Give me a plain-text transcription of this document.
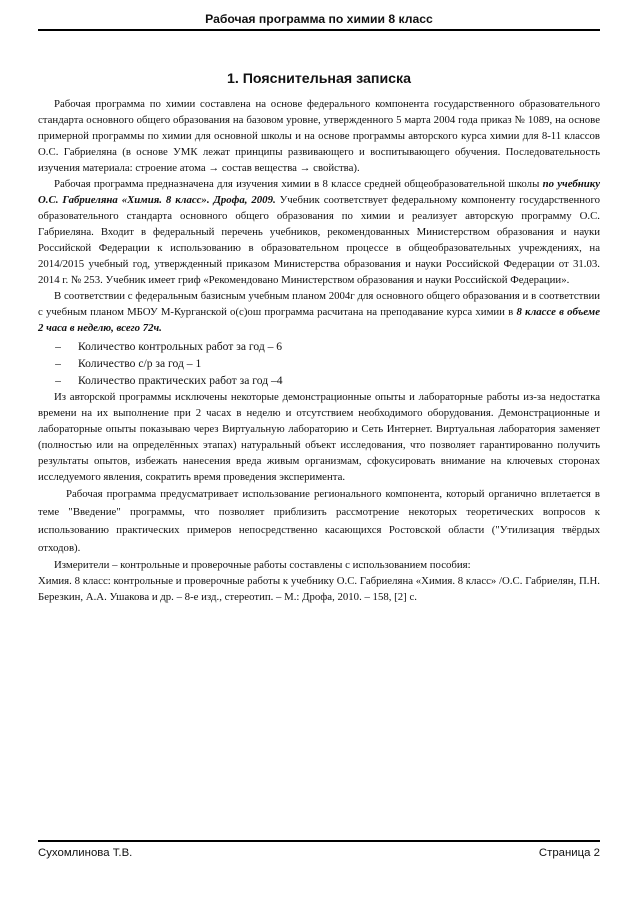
Рабочая программа по химии 8 класс
1. Пояснительная записка

Рабочая программа по химии составлена на основе федерального компонента государственного образовательного стандарта основного общего образования на базовом уровне, утвержденного 5 марта 2004 года приказ № 1089, на основе примерной программы по химии для основной школы и на основе программы авторского курса химии для 8-11 классов О.С. Габриеляна (в основе УМК лежат принципы развивающего и воспитывающего обучения. Последовательность изучения материала: строение атома → состав вещества → свойства).

Рабочая программа предназначена для изучения химии в 8 классе средней общеобразовательной школы по учебнику О.С. Габриеляна «Химия. 8 класс». Дрофа, 2009. Учебник соответствует федеральному компоненту государственного образовательного стандарта основного общего образования по химии и реализует авторскую программу О.С. Габриеляна. Входит в федеральный перечень учебников, рекомендованных Министерством образования и науки Российской Федерации к использованию в образовательном процессе в общеобразовательных учреждениях, на 2014/2015 учебный год, утвержденный приказом Министерства образования и науки Российской Федерации от 31.03. 2014 г. № 253. Учебник имеет гриф «Рекомендовано Министерством образования и науки Российской Федерации».

В соответствии с федеральным базисным учебным планом 2004г для основного общего образования и в соответствии с учебным планом МБОУ М-Курганской о(с)ош программа расчитана на преподавание курса химии в 8 классе в объеме 2 часа в неделю, всего 72ч.

–	Количество контрольных работ за год – 6
–	Количество с/р за год – 1
–	Количество практических работ за год –4

Из авторской программы исключены некоторые демонстрационные опыты и лабораторные работы из-за недостатка времени на их выполнение при 2 часах в неделю и отсутствием необходимого оборудования. Демонстрационные и лабораторные опыты показываю через Виртуальную лабораторию и Сеть Интернет. Виртуальная лаборатория заменяет (полностью или на определённых этапах) натуральный объект исследования, что позволяет гарантированно получить результаты опытов, избежать нанесения вреда живым организмам, сфокусировать внимание на ключевых сторонах исследуемого явления, сократить время проведения эксперимента.

Рабочая программа предусматривает использование регионального компонента, который органично вплетается в теме "Введение" программы, что позволяет приблизить рассмотрение некоторых теоретических вопросов к использованию практических примеров непосредственно касающихся Ростовской области ("Утилизация твёрдых отходов).

Измерители – контрольные и проверочные работы составлены с использованием пособия:

Химия. 8 класс: контрольные и проверочные работы к учебнику О.С. Габриеляна «Химия. 8 класс» /О.С. Габриелян, П.Н. Березкин, А.А. Ушакова и др. – 8-е изд., стереотип. – М.: Дрофа, 2010. – 158, [2] с.

Сухомлинова Т.В.	Страница 2
